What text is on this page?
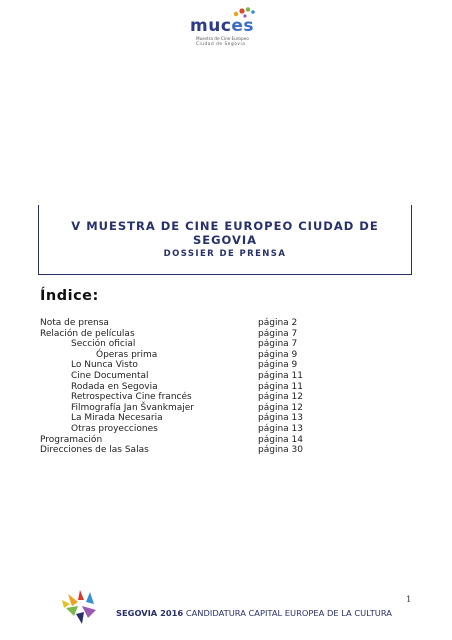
muces
Muestra de Cine Europeo
Ciudad de Segovia
V MUESTRA DE CINE EUROPEO CIUDAD DE SEGOVIA
DOSSIER DE PRENSA
Índice:
Nota de prensa	página 2
Relación de películas	página 7
Sección oficial	página 7
Óperas prima	página 9
Lo Nunca Visto	página 9
Cine Documental	página 11
Rodada en Segovia	página 11
Retrospectiva Cine francés	página 12
Filmografía Jan Švankmajer	página 12
La Mirada Necesaria	página 13
Otras proyecciones	página 13
Programación	página 14
Direcciones de las Salas	página 30
SEGOVIA 2016 CANDIDATURA CAPITAL EUROPEA DE LA CULTURA
1
